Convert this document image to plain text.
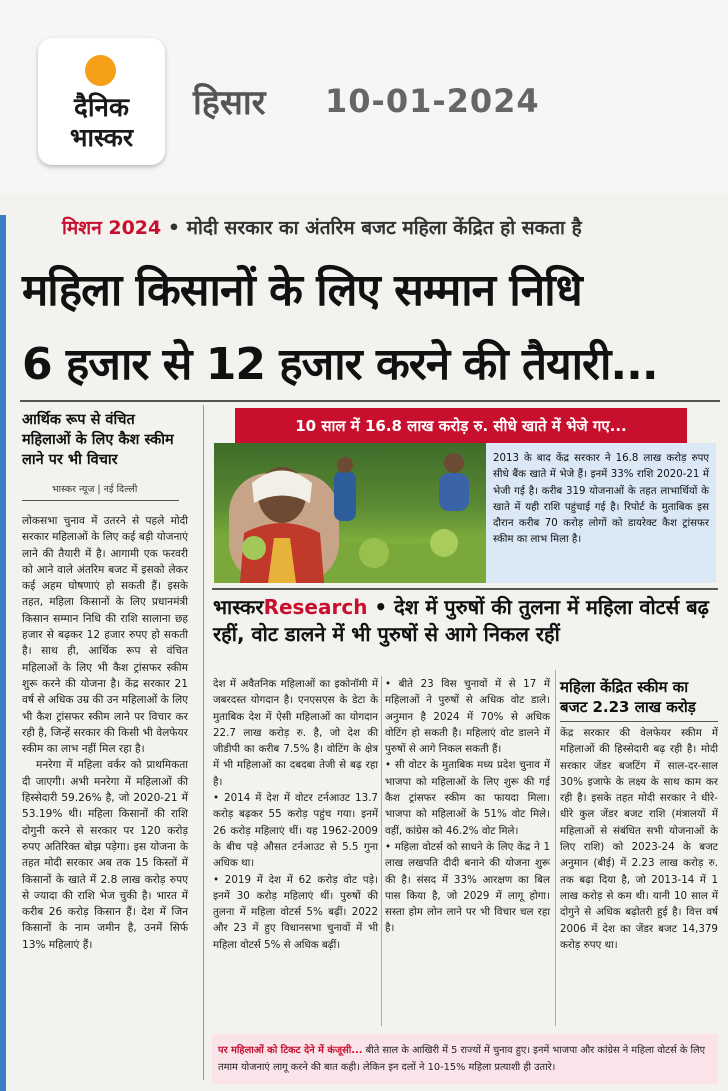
दैनिक
भास्कर
हिसार 10-01-2024
मिशन 2024 • मोदी सरकार का अंतरिम बजट महिला केंद्रित हो सकता है
महिला किसानों के लिए सम्मान निधि
6 हजार से 12 हजार करने की तैयारी...
आर्थिक रूप से वंचित महिलाओं के लिए कैश स्कीम लाने पर भी विचार
भास्कर न्यूज | नई दिल्ली
लोकसभा चुनाव में उतरने से पहले मोदी सरकार महिलाओं के लिए कई बड़ी योजनाएं लाने की तैयारी में है। आगामी एक फरवरी को आने वाले अंतरिम बजट में इसको लेकर कई अहम घोषणाएं हो सकती हैं। इसके तहत, महिला किसानों के लिए प्रधानमंत्री किसान सम्मान निधि की राशि सालाना छह हजार से बढ़कर 12 हजार रुपए हो सकती है। साथ ही, आर्थिक रूप से वंचित महिलाओं के लिए भी कैश ट्रांसफर स्कीम शुरू करने की योजना है। केंद्र सरकार 21 वर्ष से अधिक उम्र की उन महिलाओं के लिए भी कैश ट्रांसफर स्कीम लाने पर विचार कर रही है, जिन्हें सरकार की किसी भी वेलफेयर स्कीम का लाभ नहीं मिल रहा है।
मनरेगा में महिला वर्कर को प्राथमिकता दी जाएगी। अभी मनरेगा में महिलाओं की हिस्सेदारी 59.26% है, जो 2020-21 में 53.19% थी। महिला किसानों की राशि दोगुनी करने से सरकार पर 120 करोड़ रुपए अतिरिक्त बोझ पड़ेगा। इस योजना के तहत मोदी सरकार अब तक 15 किस्तों में किसानों के खाते में 2.8 लाख करोड़ रुपए से ज्यादा की राशि भेज चुकी है। भारत में करीब 26 करोड़ किसान हैं। देश में जिन किसानों के नाम जमीन है, उनमें सिर्फ 13% महिलाएं हैं।
10 साल में 16.8 लाख करोड़ रु. सीधे खाते में भेजे गए...
2013 के बाद केंद्र सरकार ने 16.8 लाख करोड़ रुपए सीधे बैंक खाते में भेजे हैं। इनमें 33% राशि 2020-21 में भेजी गई है। करीब 319 योजनाओं के तहत लाभार्थियों के खाते में यही राशि पहुंचाई गई है। रिपोर्ट के मुताबिक इस दौरान करीब 70 करोड़ लोगों को डायरेक्ट कैश ट्रांसफर स्कीम का लाभ मिला है।
भास्करResearch • देश में पुरुषों की तुलना में महिला वोटर्स बढ़ रहीं, वोट डालने में भी पुरुषों से आगे निकल रहीं
देश में अवैतनिक महिलाओं का इकोनॉमी में जबरदस्त योगदान है। एनएसएस के डेटा के मुताबिक देश में ऐसी महिलाओं का योगदान 22.7 लाख करोड़ रु. है, जो देश की जीडीपी का करीब 7.5% है। वोटिंग के क्षेत्र में भी महिलाओं का दबदबा तेजी से बढ़ रहा है।
• 2014 में देश में वोटर टर्नआउट 13.7 करोड़ बढ़कर 55 करोड़ पहुंच गया। इनमें 26 करोड़ महिलाएं थीं। यह 1962-2009 के बीच पड़े औसत टर्नआउट से 5.5 गुना अधिक था।
• 2019 में देश में 62 करोड़ वोट पड़े। इनमें 30 करोड़ महिलाएं थीं। पुरुषों की तुलना में महिला वोटर्स 5% बढ़ीं। 2022 और 23 में हुए विधानसभा चुनावों में भी महिला वोटर्स 5% से अधिक बढ़ीं।
• बीते 23 विस चुनावों में से 17 में महिलाओं ने पुरुषों से अधिक वोट डाले। अनुमान है 2024 में 70% से अधिक वोटिंग हो सकती है। महिलाएं वोट डालने में पुरुषों से आगे निकल सकती हैं।
• सी वोटर के मुताबिक मध्य प्रदेश चुनाव में भाजपा को महिलाओं के लिए शुरू की गई कैश ट्रांसफर स्कीम का फायदा मिला। भाजपा को महिलाओं के 51% वोट मिले। वहीं, कांग्रेस को 46.2% वोट मिले।
• महिला वोटर्स को साधने के लिए केंद्र ने 1 लाख लखपति दीदी बनाने की योजना शुरू की है। संसद में 33% आरक्षण का बिल पास किया है, जो 2029 में लागू होगा। सस्ता होम लोन लाने पर भी विचार चल रहा है।
महिला केंद्रित स्कीम का बजट 2.23 लाख करोड़
केंद्र सरकार की वेलफेयर स्कीम में महिलाओं की हिस्सेदारी बढ़ रही है। मोदी सरकार जेंडर बजटिंग में साल-दर-साल 30% इजाफे के लक्ष्य के साथ काम कर रही है। इसके तहत मोदी सरकार ने धीरे-धीरे कुल जेंडर बजट राशि (मंत्रालयों में महिलाओं से संबंधित सभी योजनाओं के लिए राशि) को 2023-24 के बजट अनुमान (बीई) में 2.23 लाख करोड़ रु. तक बढ़ा दिया है, जो 2013-14 में 1 लाख करोड़ से कम थी। यानी 10 साल में दोगुने से अधिक बढ़ोतरी हुई है। वित्त वर्ष 2006 में देश का जेंडर बजट 14,379 करोड़ रुपए था।
पर महिलाओं को टिकट देने में कंजूसी... बीते साल के आखिरी में 5 राज्यों में चुनाव हुए। इनमें भाजपा और कांग्रेस ने महिला वोटर्स के लिए तमाम योजनाएं लागू करने की बात कही। लेकिन इन दलों ने 10-15% महिला प्रत्याशी ही उतारे।
